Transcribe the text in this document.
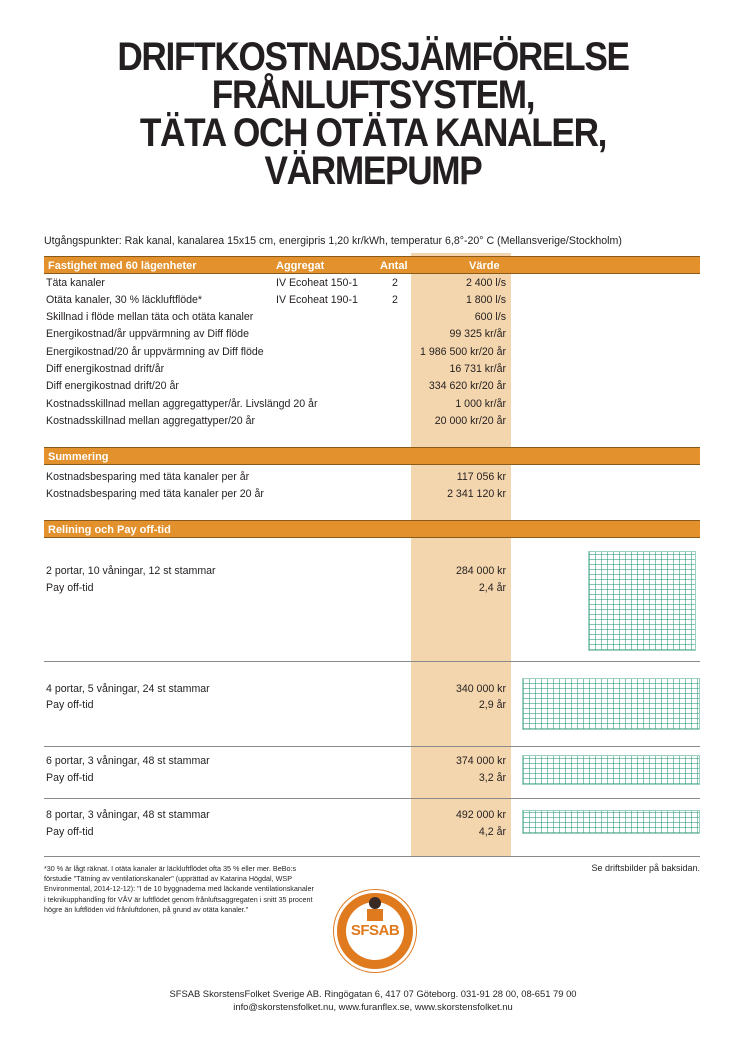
DRIFTKOSTNADSJÄMFÖRELSE
FRÅNLUFTSYSTEM,
TÄTA OCH OTÄTA KANALER,
VÄRMEPUMP
Utgångspunkter: Rak kanal, kanalarea 15x15 cm, energipris 1,20 kr/kWh, temperatur 6,8°-20° C (Mellansverige/Stockholm)
Fastighet med 60 lägenheter	Aggregat	Antal	Värde
Täta kanaler	IV Ecoheat 150-1	2	2 400 l/s
Otäta kanaler, 30 % läckluftflöde*	IV Ecoheat 190-1	2	1 800 l/s
Skillnad i flöde mellan täta och otäta kanaler	600 l/s
Energikostnad/år uppvärmning av Diff flöde	99 325 kr/år
Energikostnad/20 år uppvärmning av Diff flöde	1 986 500 kr/20 år
Diff energikostnad drift/år	16 731 kr/år
Diff energikostnad drift/20 år	334 620 kr/20 år
Kostnadsskillnad mellan aggregattyper/år. Livslängd 20 år	1 000 kr/år
Kostnadsskillnad mellan aggregattyper/20 år	20 000 kr/20 år
Summering
Kostnadsbesparing med täta kanaler per år	117 056 kr
Kostnadsbesparing med täta kanaler per 20 år	2 341 120 kr
Relining och Pay off-tid
2 portar, 10 våningar, 12 st stammar	284 000 kr
Pay off-tid	2,4 år
4 portar, 5 våningar, 24 st stammar	340 000 kr
Pay off-tid	2,9 år
6 portar, 3 våningar, 48 st stammar	374 000 kr
Pay off-tid	3,2 år
8 portar, 3 våningar, 48 st stammar	492 000 kr
Pay off-tid	4,2 år
*30 % är lågt räknat. I otäta kanaler är läckluftflödet ofta 35 % eller mer. BeBo:s förstudie "Tätning av ventilationskanaler" (upprättad av Katarina Högdal, WSP Environmental, 2014-12-12): "I de 10 byggnaderna med läckande ventilationskanaler i teknikupphandling för VÅV är luftflödet genom frånluftsaggregaten i snitt 35 procent högre än luftflöden vid frånluftdonen, på grund av otäta kanaler."
Se driftsbilder på baksidan.
SFSAB
SFSAB SkorstensFolket Sverige AB. Ringögatan 6, 417 07 Göteborg. 031-91 28 00, 08-651 79 00
info@skorstensfolket.nu, www.furanflex.se, www.skorstensfolket.nu
